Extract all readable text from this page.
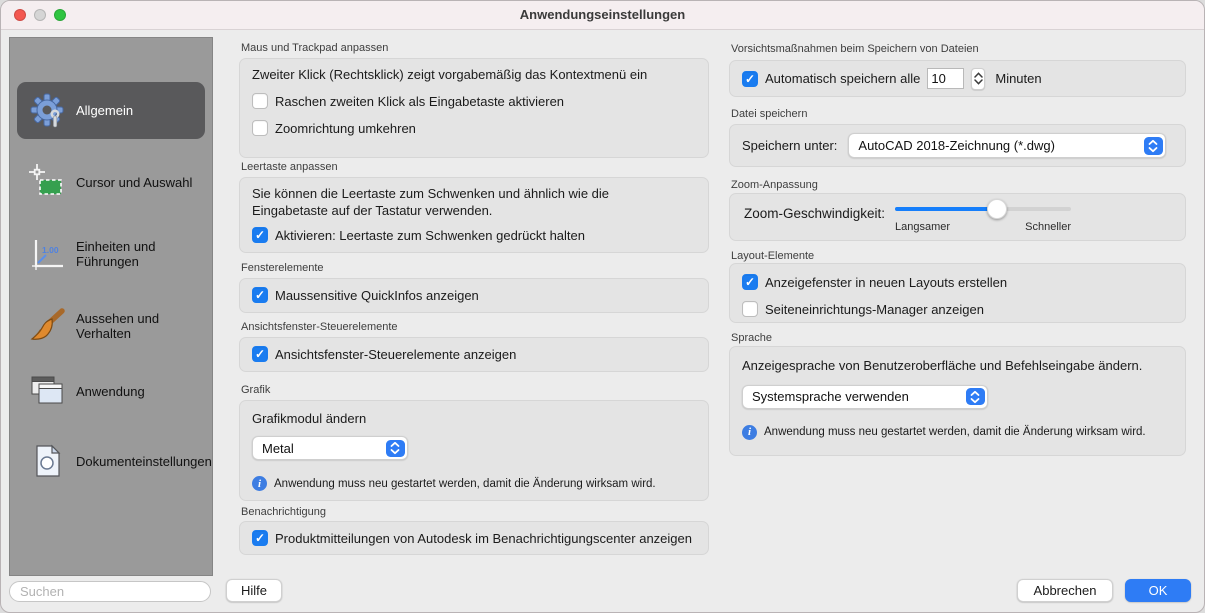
Anwendungseinstellungen
Allgemein
Cursor und Auswahl
1.00 Einheiten und Führungen
Aussehen und Verhalten
Anwendung
Dokumenteinstellungen
Maus und Trackpad anpassen
Zweiter Klick (Rechtsklick) zeigt vorgabemäßig das Kontextmenü ein
Raschen zweiten Klick als Eingabetaste aktivieren
Zoomrichtung umkehren
Leertaste anpassen
Sie können die Leertaste zum Schwenken und ähnlich wie die Eingabetaste auf der Tastatur verwenden.
✓ Aktivieren: Leertaste zum Schwenken gedrückt halten
Fensterelemente
✓ Maussensitive QuickInfos anzeigen
Ansichtsfenster-Steuerelemente
✓ Ansichtsfenster-Steuerelemente anzeigen
Grafik
Grafikmodul ändern
Metal
i	Anwendung muss neu gestartet werden, damit die Änderung wirksam wird.
Benachrichtigung
✓ Produktmitteilungen von Autodesk im Benachrichtigungscenter anzeigen
Vorsichtsmaßnahmen beim Speichern von Dateien
✓ Automatisch speichern alle
10	Minuten
Datei speichern
Speichern unter: AutoCAD 2018-Zeichnung (*.dwg)
Zoom-Anpassung
Zoom-Geschwindigkeit:
Langsamer	Schneller
Layout-Elemente
✓ Anzeigefenster in neuen Layouts erstellen
Seiteneinrichtungs-Manager anzeigen
Sprache
Anzeigesprache von Benutzeroberfläche und Befehlseingabe ändern.
Systemsprache verwenden
i	Anwendung muss neu gestartet werden, damit die Änderung wirksam wird.
Suchen
Hilfe	Abbrechen	OK
